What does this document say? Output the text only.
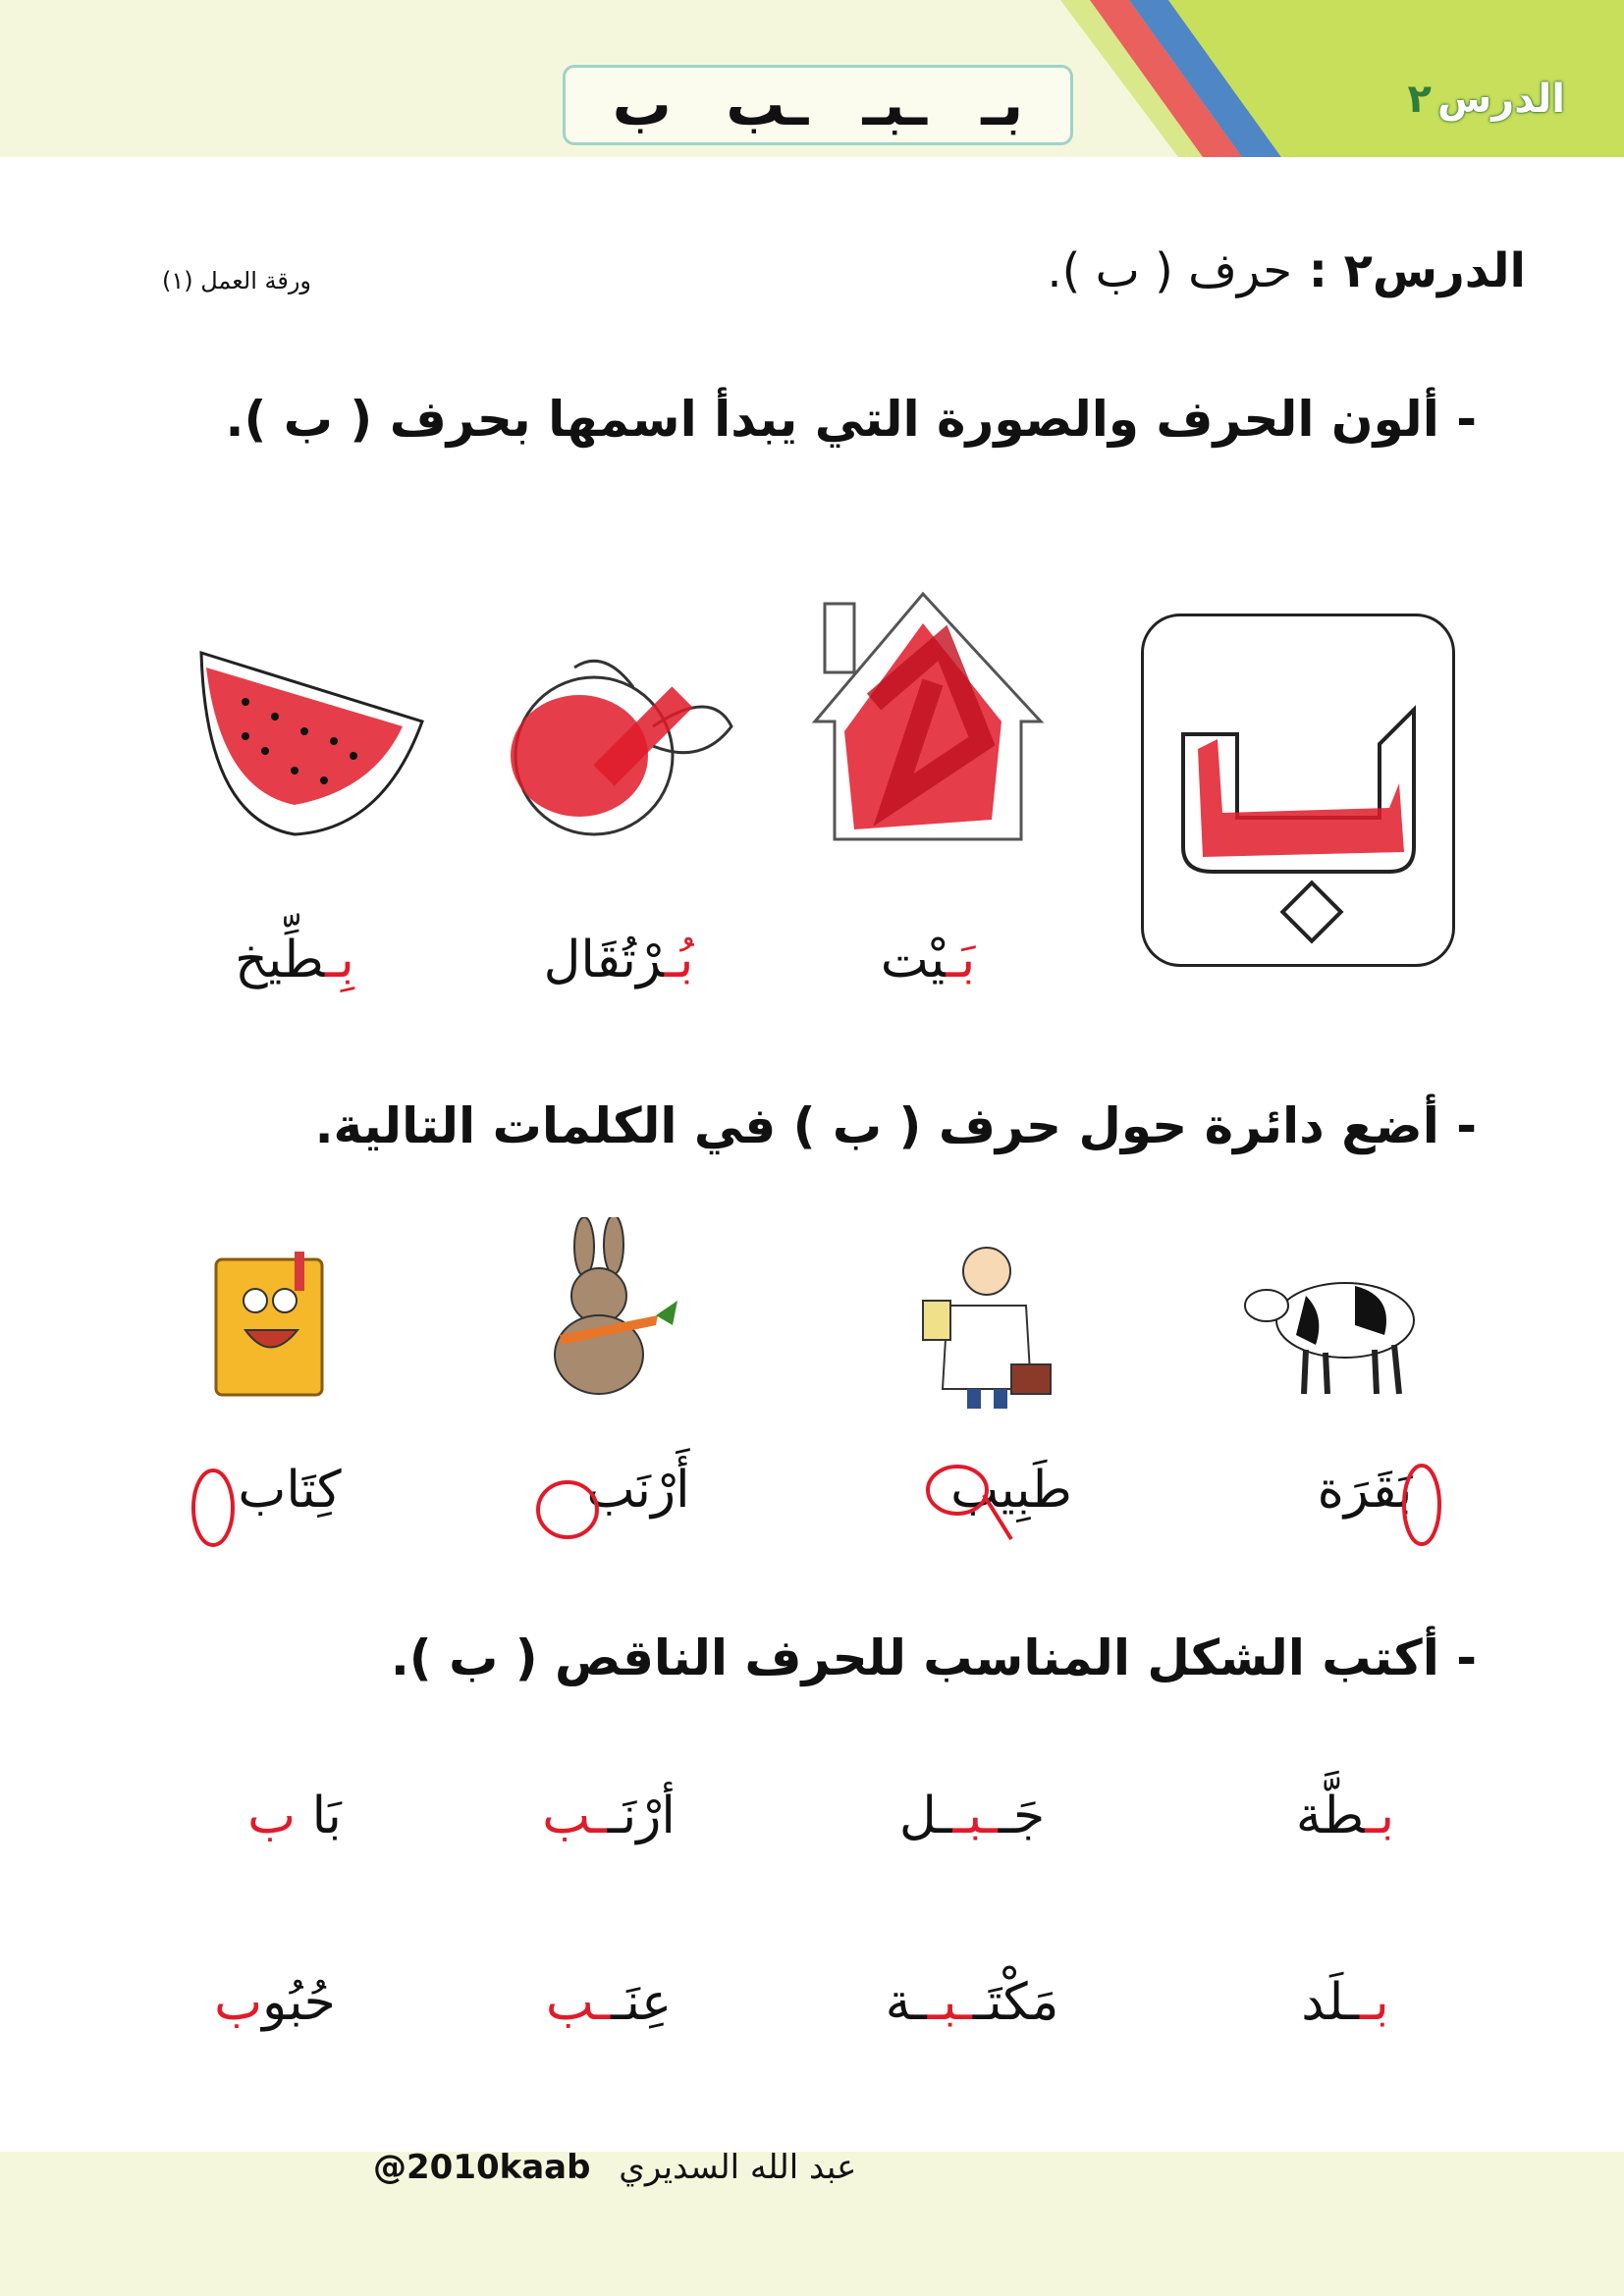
بـ
ـبـ
ـب
ب	الدرس٢
الدرس٢ : حرف ( ب ).
ورقة العمل (١)
- ألون الحرف والصورة التي يبدأ اسمها بحرف ( ب ).
بَـيْت
بُـرْتُقَال
بِـطِّيخ
- أضع دائرة حول حرف ( ب ) في الكلمات التالية.
بَقَرَة
طَبِيب
أَرْنَب
كِتَاب
- أكتب الشكل المناسب للحرف الناقص ( ب ).
بـطَّة
جَــبــل
أرْنَــب
بَا ب
بــلَد
مَكْتَــبــة
عِنَــب
حُبُوب
@2010kaab عبد الله السديري
